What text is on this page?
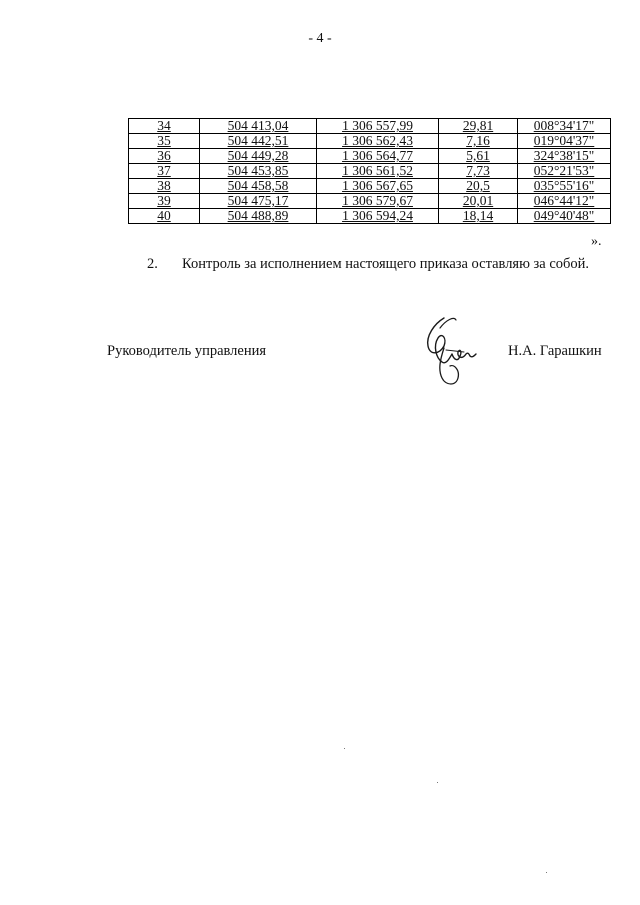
- 4 -
34	504 413,04	1 306 557,99	29,81	008°34'17"
35	504 442,51	1 306 562,43	7,16	019°04'37"
36	504 449,28	1 306 564,77	5,61	324°38'15"
37	504 453,85	1 306 561,52	7,73	052°21'53"
38	504 458,58	1 306 567,65	20,5	035°55'16"
39	504 475,17	1 306 579,67	20,01	046°44'12"
40	504 488,89	1 306 594,24	18,14	049°40'48"
».
2. Контроль за исполнением настоящего приказа оставляю за собой.
Руководитель управления	Н.А. Гарашкин
